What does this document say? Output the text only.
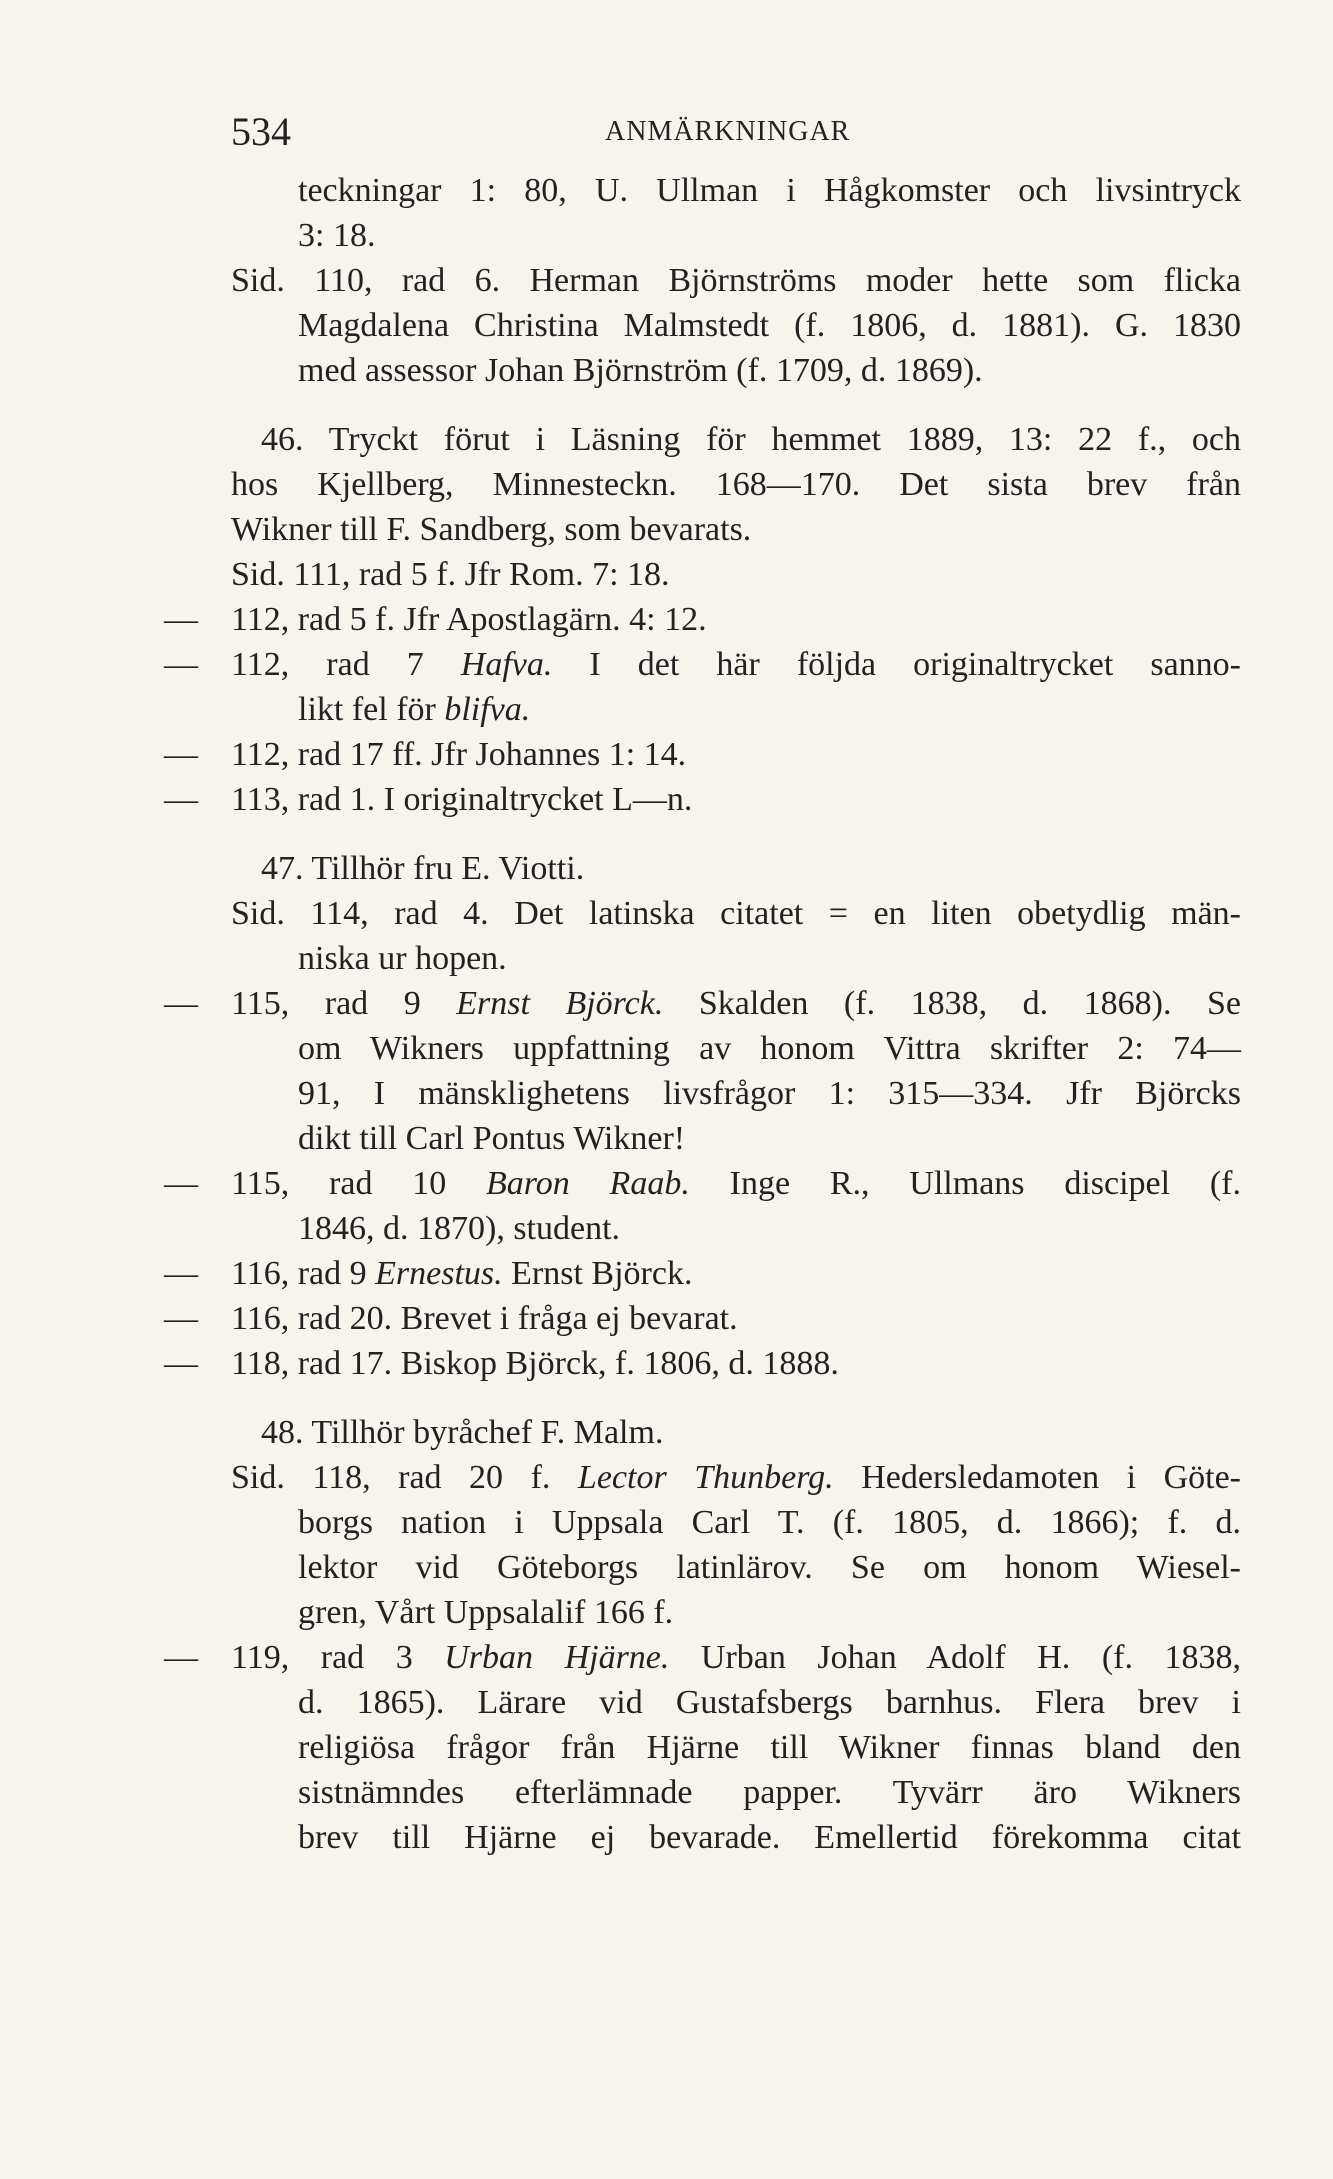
534	ANMÄRKNINGAR
teckningar 1: 80, U. Ullman i Hågkomster och livsintryck
3: 18.
Sid. 110, rad 6. Herman Björnströms moder hette som flicka
Magdalena Christina Malmstedt (f. 1806, d. 1881). G. 1830
med assessor Johan Björnström (f. 1709, d. 1869).
46. Tryckt förut i Läsning för hemmet 1889, 13: 22 f., och
hos Kjellberg, Minnesteckn. 168—170. Det sista brev från
Wikner till F. Sandberg, som bevarats.
Sid. 111, rad 5 f. Jfr Rom. 7: 18.
— 112, rad 5 f. Jfr Apostlagärn. 4: 12.
— 112, rad 7 Hafva. I det här följda originaltrycket sanno-
likt fel för blifva.
— 112, rad 17 ff. Jfr Johannes 1: 14.
— 113, rad 1. I originaltrycket L—n.
47. Tillhör fru E. Viotti.
Sid. 114, rad 4. Det latinska citatet = en liten obetydlig män-
niska ur hopen.
— 115, rad 9 Ernst Björck. Skalden (f. 1838, d. 1868). Se
om Wikners uppfattning av honom Vittra skrifter 2: 74—
91, I mänsklighetens livsfrågor 1: 315—334. Jfr Björcks
dikt till Carl Pontus Wikner!
— 115, rad 10 Baron Raab. Inge R., Ullmans discipel (f.
1846, d. 1870), student.
— 116, rad 9 Ernestus. Ernst Björck.
— 116, rad 20. Brevet i fråga ej bevarat.
— 118, rad 17. Biskop Björck, f. 1806, d. 1888.
48. Tillhör byråchef F. Malm.
Sid. 118, rad 20 f. Lector Thunberg. Hedersledamoten i Göte-
borgs nation i Uppsala Carl T. (f. 1805, d. 1866); f. d.
lektor vid Göteborgs latinlärov. Se om honom Wiesel-
gren, Vårt Uppsalalif 166 f.
— 119, rad 3 Urban Hjärne. Urban Johan Adolf H. (f. 1838,
d. 1865). Lärare vid Gustafsbergs barnhus. Flera brev i
religiösa frågor från Hjärne till Wikner finnas bland den
sistnämndes efterlämnade papper. Tyvärr äro Wikners
brev till Hjärne ej bevarade. Emellertid förekomma citat
